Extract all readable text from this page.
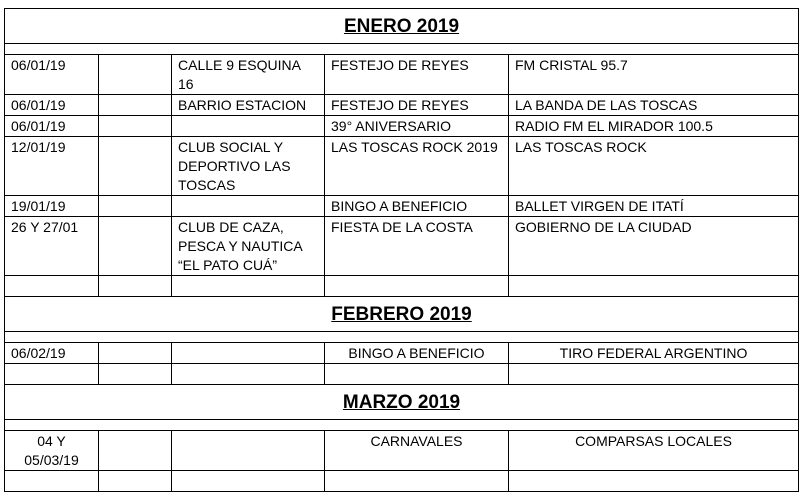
ENERO 2019				

06/01/19		CALLE 9 ESQUINA 16	FESTEJO DE REYES	FM CRISTAL 95.7
06/01/19		BARRIO ESTACION	FESTEJO DE REYES	LA BANDA DE LAS TOSCAS
06/01/19			39° ANIVERSARIO	RADIO FM EL MIRADOR 100.5
12/01/19		CLUB SOCIAL Y DEPORTIVO LAS TOSCAS	LAS TOSCAS ROCK 2019	LAS TOSCAS ROCK
19/01/19			BINGO A BENEFICIO	BALLET VIRGEN DE ITATÍ
26 Y 27/01		CLUB DE CAZA, PESCA Y NAUTICA “EL PATO CUÁ”	FIESTA DE LA COSTA	GOBIERNO DE LA CIUDAD

FEBRERO 2019				

06/02/19			BINGO A BENEFICIO	TIRO FEDERAL ARGENTINO

MARZO 2019				

04 Y 05/03/19			CARNAVALES	COMPARSAS LOCALES
